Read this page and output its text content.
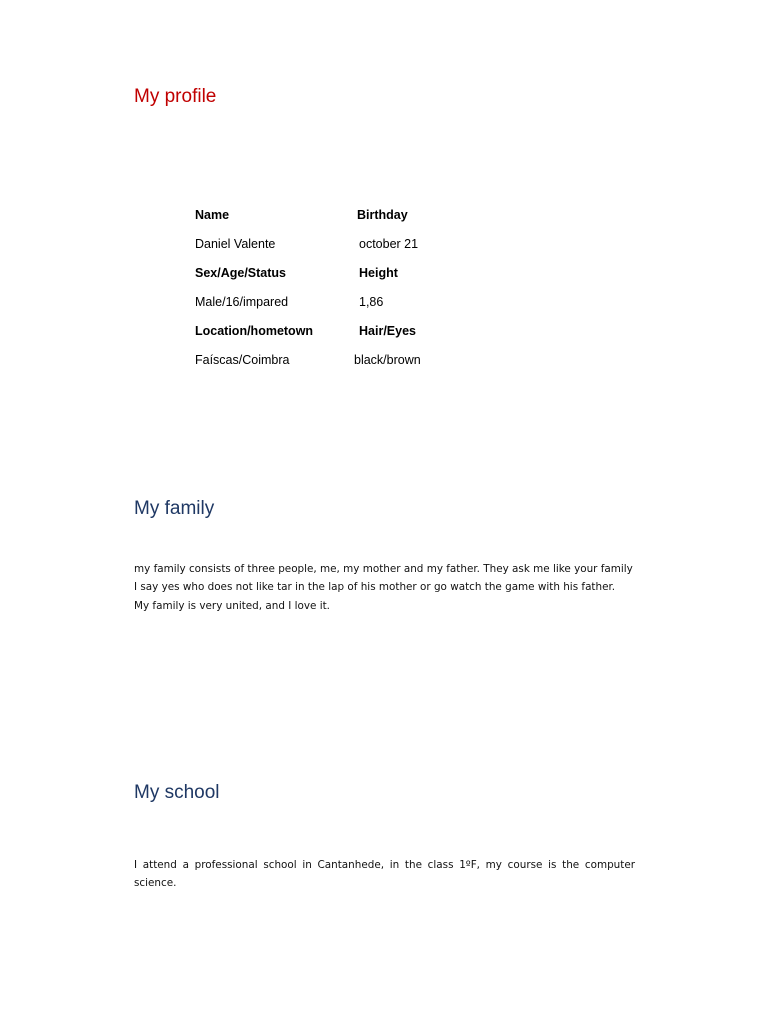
My profile
Name	Birthday
Daniel Valente	october 21
Sex/Age/Status	Height
Male/16/impared	1,86
Location/hometown	Hair/Eyes
Faíscas/Coimbra	black/brown
My family

my family consists of three people, me, my mother and my father. They ask me like your family
I say yes who does not like tar in the lap of his mother or go watch the game with his father.
My family is very united, and I love it.

My school

I attend a professional school in Cantanhede, in the class 1ºF, my course is the computer science.
